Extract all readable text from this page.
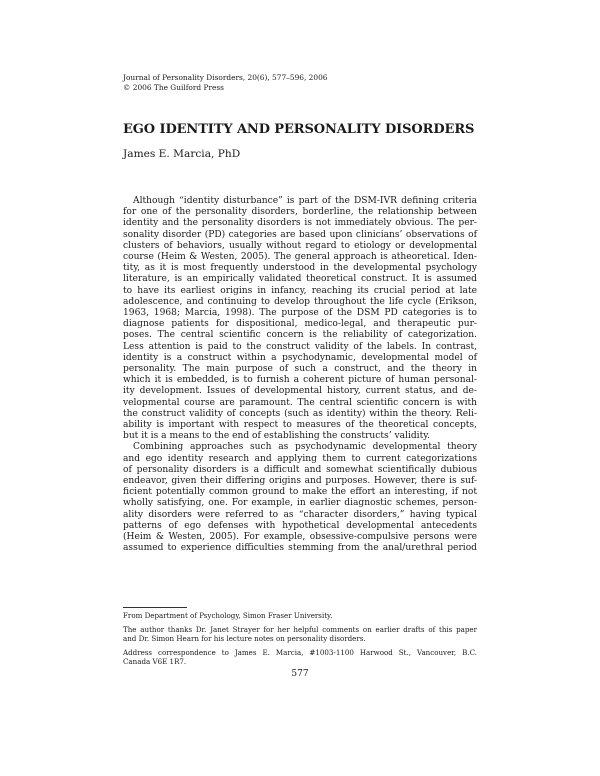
Journal of Personality Disorders, 20(6), 577–596, 2006
© 2006 The Guilford Press
EGO IDENTITY AND PERSONALITY DISORDERS
James E. Marcia, PhD
Although “identity disturbance” is part of the DSM-IVR defining criteria
for one of the personality disorders, borderline, the relationship between
identity and the personality disorders is not immediately obvious. The per-
sonality disorder (PD) categories are based upon clinicians’ observations of
clusters of behaviors, usually without regard to etiology or developmental
course (Heim & Westen, 2005). The general approach is atheoretical. Iden-
tity, as it is most frequently understood in the developmental psychology
literature, is an empirically validated theoretical construct. It is assumed
to have its earliest origins in infancy, reaching its crucial period at late
adolescence, and continuing to develop throughout the life cycle (Erikson,
1963, 1968; Marcia, 1998). The purpose of the DSM PD categories is to
diagnose patients for dispositional, medico-legal, and therapeutic pur-
poses. The central scientific concern is the reliability of categorization.
Less attention is paid to the construct validity of the labels. In contrast,
identity is a construct within a psychodynamic, developmental model of
personality. The main purpose of such a construct, and the theory in
which it is embedded, is to furnish a coherent picture of human personal-
ity development. Issues of developmental history, current status, and de-
velopmental course are paramount. The central scientific concern is with
the construct validity of concepts (such as identity) within the theory. Reli-
ability is important with respect to measures of the theoretical concepts,
but it is a means to the end of establishing the constructs’ validity.
Combining approaches such as psychodynamic developmental theory
and ego identity research and applying them to current categorizations
of personality disorders is a difficult and somewhat scientifically dubious
endeavor, given their differing origins and purposes. However, there is suf-
ficient potentially common ground to make the effort an interesting, if not
wholly satisfying, one. For example, in earlier diagnostic schemes, person-
ality disorders were referred to as “character disorders,” having typical
patterns of ego defenses with hypothetical developmental antecedents
(Heim & Westen, 2005). For example, obsessive-compulsive persons were
assumed to experience difficulties stemming from the anal/urethral period
From Department of Psychology, Simon Fraser University.
The author thanks Dr. Janet Strayer for her helpful comments on earlier drafts of this paper
and Dr. Simon Hearn for his lecture notes on personality disorders.
Address correspondence to James E. Marcia, #1003-1100 Harwood St., Vancouver, B.C.
Canada V6E 1R7.
577
